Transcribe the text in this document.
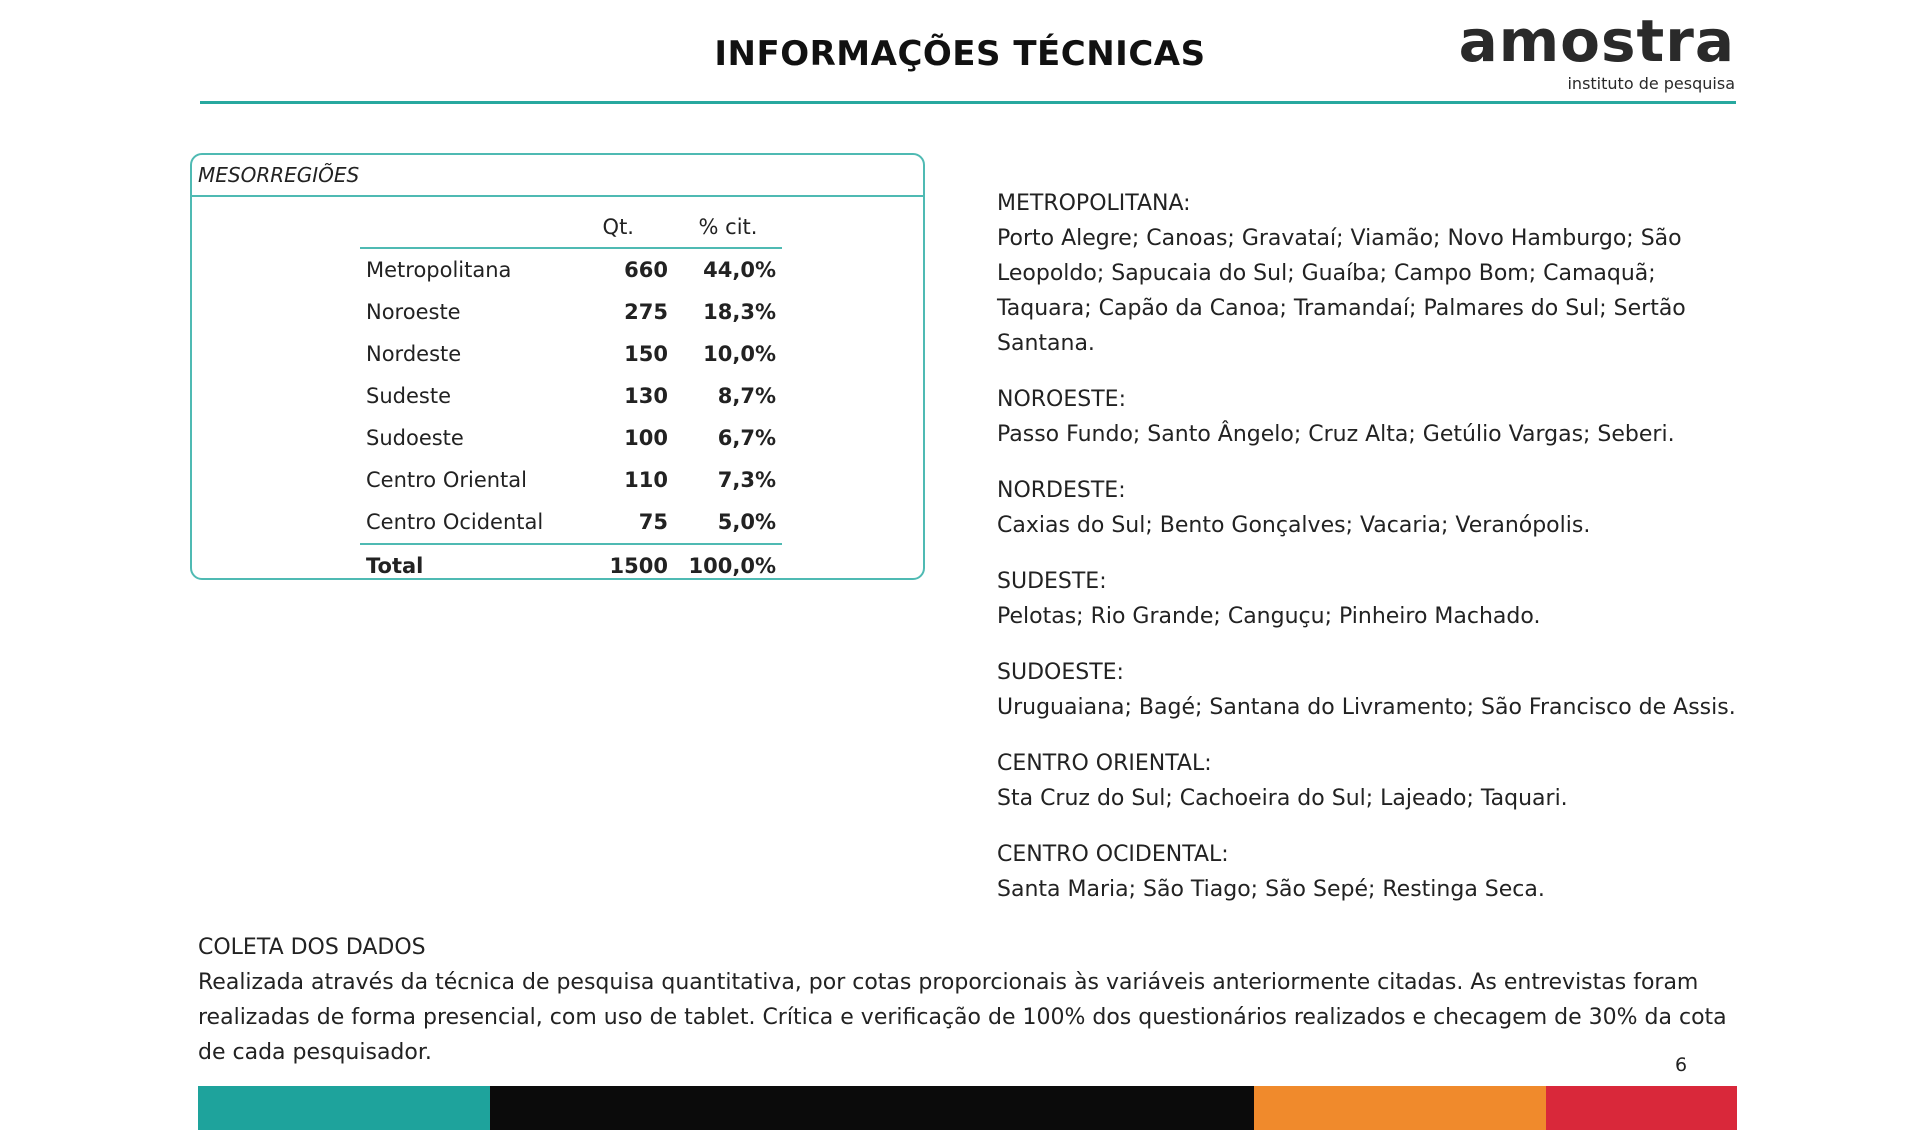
INFORMAÇÕES TÉCNICAS	amostra
instituto de pesquisa
MESORREGIÕES
	Qt.	% cit.
Metropolitana	660	44,0%
Noroeste	275	18,3%
Nordeste	150	10,0%
Sudeste	130	8,7%
Sudoeste	100	6,7%
Centro Oriental	110	7,3%
Centro Ocidental	75	5,0%
Total	1500	100,0%
METROPOLITANA:
Porto Alegre; Canoas; Gravataí; Viamão; Novo Hamburgo; São Leopoldo; Sapucaia do Sul; Guaíba; Campo Bom; Camaquã; Taquara; Capão da Canoa; Tramandaí; Palmares do Sul; Sertão Santana.
NOROESTE:
Passo Fundo; Santo Ângelo; Cruz Alta; Getúlio Vargas; Seberi.
NORDESTE:
Caxias do Sul; Bento Gonçalves; Vacaria; Veranópolis.
SUDESTE:
Pelotas; Rio Grande; Canguçu; Pinheiro Machado.
SUDOESTE:
Uruguaiana; Bagé; Santana do Livramento; São Francisco de Assis.
CENTRO ORIENTAL:
Sta Cruz do Sul; Cachoeira do Sul; Lajeado; Taquari.
CENTRO OCIDENTAL:
Santa Maria; São Tiago; São Sepé; Restinga Seca.
COLETA DOS DADOS
Realizada através da técnica de pesquisa quantitativa, por cotas proporcionais às variáveis anteriormente citadas. As entrevistas foram realizadas de forma presencial, com uso de tablet. Crítica e verificação de 100% dos questionários realizados e checagem de 30% da cota de cada pesquisador.	6
